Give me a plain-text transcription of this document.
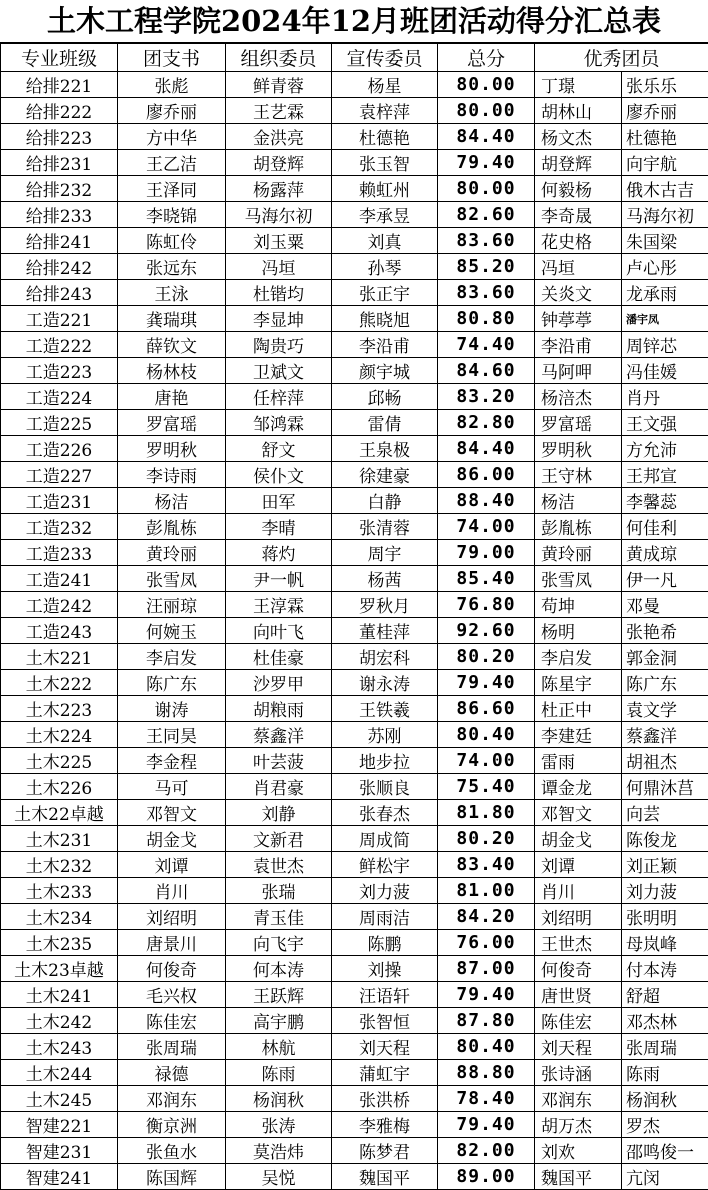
土木工程学院2024年12月班团活动得分汇总表
专业班级	团支书	组织委员	宣传委员	总分	优秀团员	
给排221	张彪	鲜青蓉	杨星	80.00	丁璟	张乐乐
给排222	廖乔丽	王艺霖	袁梓萍	80.00	胡林山	廖乔丽
给排223	方中华	金洪亮	杜德艳	84.40	杨文杰	杜德艳
给排231	王乙洁	胡登辉	张玉智	79.40	胡登辉	向宇航
给排232	王泽同	杨露萍	赖虹州	80.00	何毅杨	俄木古吉
给排233	李晓锦	马海尔初	李承昱	82.60	李奇晟	马海尔初
给排241	陈虹伶	刘玉粟	刘真	83.60	花史格	朱国梁
给排242	张远东	冯垣	孙琴	85.20	冯垣	卢心彤
给排243	王泳	杜锴均	张正宇	83.60	关炎文	龙承雨
工造221	龚瑞琪	李显坤	熊晓旭	80.80	钟葶葶	潘宇凤
工造222	薛钦文	陶贵巧	李沿甫	74.40	李沿甫	周锌芯
工造223	杨林枝	卫斌文	颜宇城	84.60	马阿呷	冯佳媛
工造224	唐艳	任梓萍	邱畅	83.20	杨涪杰	肖丹
工造225	罗富瑶	邹鸿霖	雷倩	82.80	罗富瑶	王文强
工造226	罗明秋	舒文	王泉极	84.40	罗明秋	方允沛
工造227	李诗雨	侯仆文	徐建豪	86.00	王守林	王邦宣
工造231	杨洁	田军	白静	88.40	杨洁	李馨蕊
工造232	彭胤栋	李晴	张清蓉	74.00	彭胤栋	何佳利
工造233	黄玲丽	蒋灼	周宇	79.00	黄玲丽	黄成琼
工造241	张雪凤	尹一帆	杨茜	85.40	张雪凤	伊一凡
工造242	汪丽琼	王淳霖	罗秋月	76.80	苟坤	邓曼
工造243	何婉玉	向叶飞	董桂萍	92.60	杨明	张艳希
土木221	李启发	杜佳豪	胡宏科	80.20	李启发	郭金洞
土木222	陈广东	沙罗甲	谢永涛	79.40	陈星宇	陈广东
土木223	谢涛	胡粮雨	王铁羲	86.60	杜正中	袁文学
土木224	王同昊	蔡鑫洋	苏刚	80.40	李建廷	蔡鑫洋
土木225	李金程	叶芸菠	地步拉	74.00	雷雨	胡祖杰
土木226	马可	肖君豪	张顺良	75.40	谭金龙	何鼎沐莒
土木22卓越	邓智文	刘静	张春杰	81.80	邓智文	向芸
土木231	胡金戈	文新君	周成简	80.20	胡金戈	陈俊龙
土木232	刘谭	袁世杰	鲜松宇	83.40	刘谭	刘正颖
土木233	肖川	张瑞	刘力菠	81.00	肖川	刘力菠
土木234	刘绍明	青玉佳	周雨洁	84.20	刘绍明	张明明
土木235	唐景川	向飞宇	陈鹏	76.00	王世杰	母岚峰
土木23卓越	何俊奇	何本涛	刘操	87.00	何俊奇	付本涛
土木241	毛兴权	王跃辉	汪语轩	79.40	唐世贤	舒超
土木242	陈佳宏	高宇鹏	张智恒	87.80	陈佳宏	邓杰林
土木243	张周瑞	林航	刘天程	80.40	刘天程	张周瑞
土木244	禄德	陈雨	蒲虹宇	88.80	张诗涵	陈雨
土木245	邓润东	杨润秋	张洪桥	78.40	邓润东	杨润秋
智建221	衡京洲	张涛	李雅梅	79.40	胡万杰	罗杰
智建231	张鱼水	莫浩炜	陈梦君	82.00	刘欢	邵鸣俊一
智建241	陈国辉	吴悦	魏国平	89.00	魏国平	亢闵
